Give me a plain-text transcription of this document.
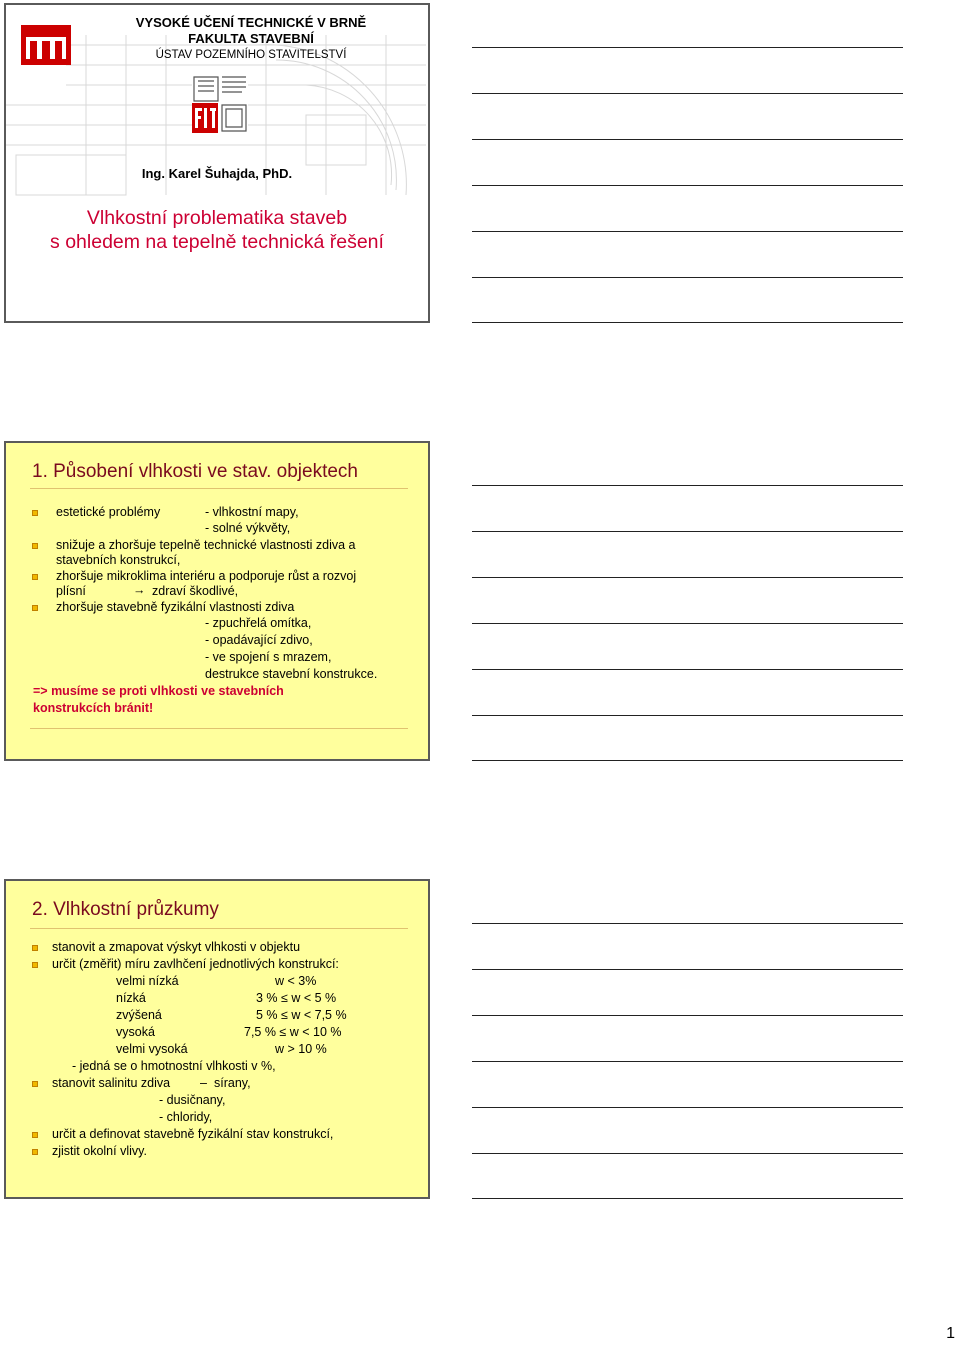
VYSOKÉ UČENÍ TECHNICKÉ V BRNĚ
FAKULTA STAVEBNÍ
ÚSTAV POZEMNÍHO STAVITELSTVÍ
Ing. Karel Šuhajda, PhD.
Vlhkostní problematika staveb
s ohledem na tepelně technická řešení
1. Působení vlhkosti ve stav. objektech
estetické problémy	- vlhkostní mapy,
- solné výkvěty,
snižuje a zhoršuje tepelně technické vlastnosti zdiva a
stavebních konstrukcí,
zhoršuje mikroklima interiéru a podporuje růst a rozvoj
plísní	→ zdraví škodlivé,
zhoršuje stavebně fyzikální vlastnosti zdiva
- zpuchřelá omítka,
- opadávající zdivo,
- ve spojení s mrazem,
destrukce stavební konstrukce.
=> musíme se proti vlhkosti ve stavebních
konstrukcích bránit!
2. Vlhkostní průzkumy
stanovit a zmapovat výskyt vlhkosti v objektu
určit (změřit) míru zavlhčení jednotlivých konstrukcí:
velmi nízká	w < 3%
nízká	3 % ≤ w < 5 %
zvýšená	5 % ≤ w < 7,5 %
vysoká	7,5 % ≤ w < 10 %
velmi vysoká	w > 10 %
- jedná se o hmotnostní vlhkosti v %,
stanovit salinitu zdiva – sírany,
- dusičnany,
- chloridy,
určit a definovat stavebně fyzikální stav konstrukcí,
zjistit okolní vlivy.
1
